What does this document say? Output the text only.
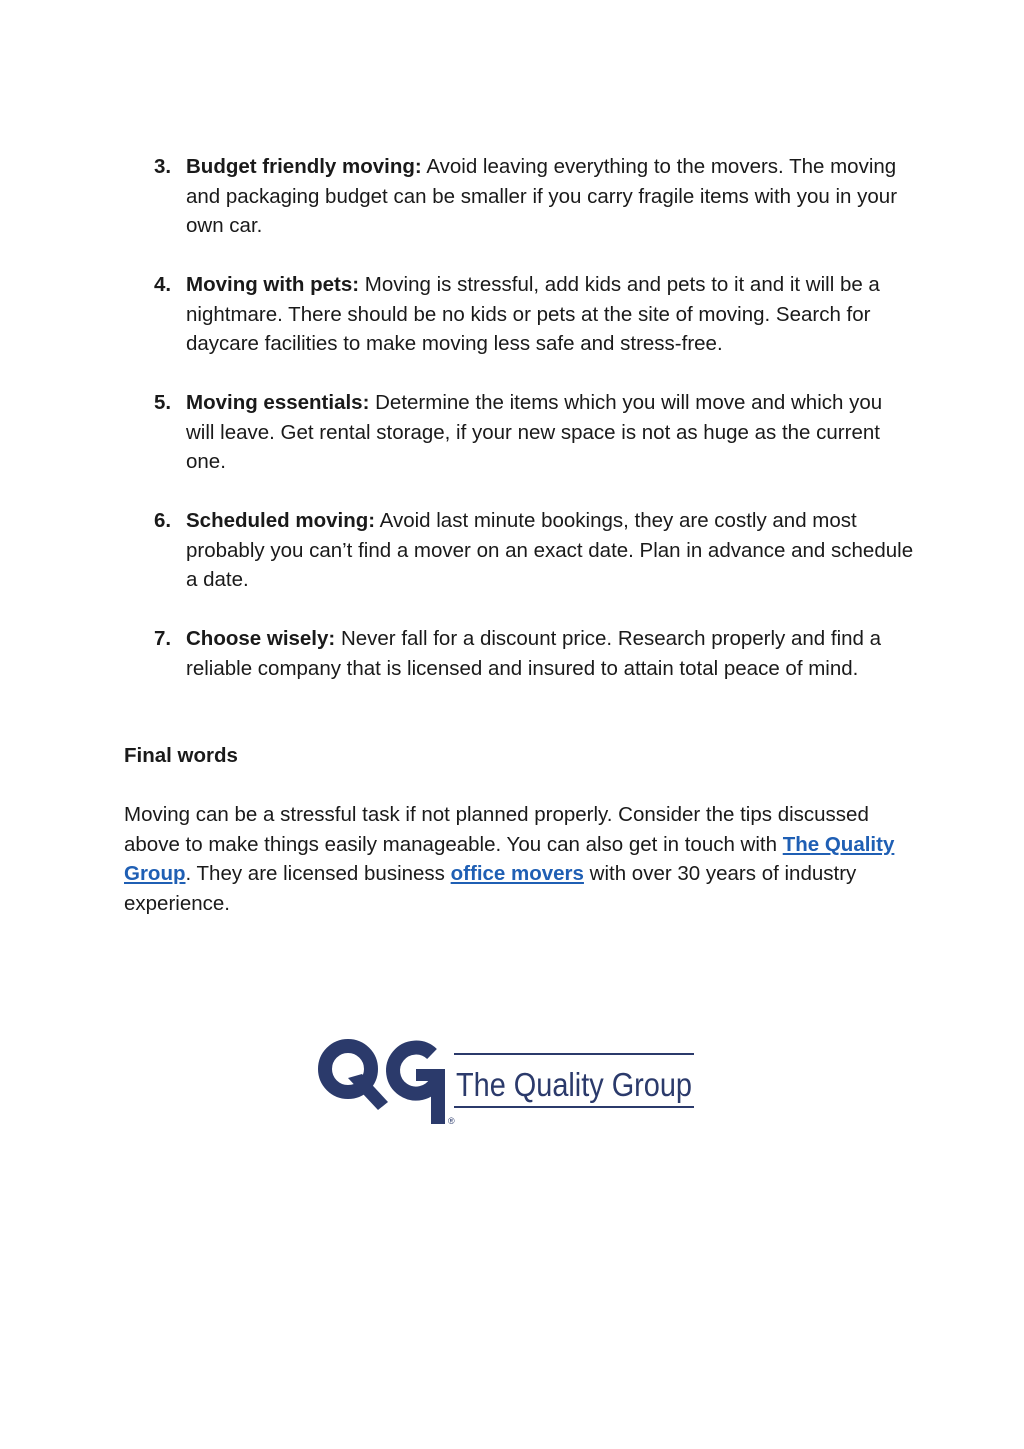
3. Budget friendly moving: Avoid leaving everything to the movers. The moving and packaging budget can be smaller if you carry fragile items with you in your own car.
4. Moving with pets: Moving is stressful, add kids and pets to it and it will be a nightmare. There should be no kids or pets at the site of moving. Search for daycare facilities to make moving less safe and stress-free.
5. Moving essentials: Determine the items which you will move and which you will leave. Get rental storage, if your new space is not as huge as the current one.
6. Scheduled moving: Avoid last minute bookings, they are costly and most probably you can’t find a mover on an exact date. Plan in advance and schedule a date.
7. Choose wisely: Never fall for a discount price. Research properly and find a reliable company that is licensed and insured to attain total peace of mind.
Final words

Moving can be a stressful task if not planned properly. Consider the tips discussed above to make things easily manageable. You can also get in touch with The Quality Group. They are licensed business office movers with over 30 years of industry experience.

®
The Quality Group
